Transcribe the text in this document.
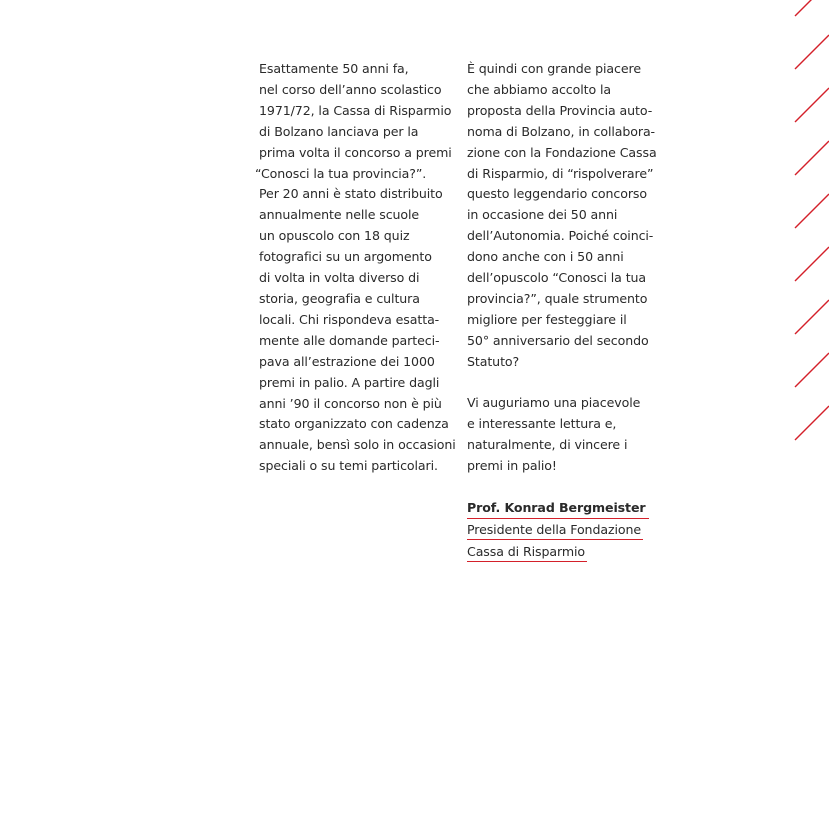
Esattamente 50 anni fa,
nel corso dell’anno scolastico
1971/72, la Cassa di Risparmio
di Bolzano lanciava per la
prima volta il concorso a premi
“Conosci la tua provincia?”.
Per 20 anni è stato distribuito
annualmente nelle scuole
un opuscolo con 18 quiz
fotografici su un argomento
di volta in volta diverso di
storia, geografia e cultura
locali. Chi rispondeva esatta-
mente alle domande parteci-
pava all’estrazione dei 1000
premi in palio. A partire dagli
anni ’90 il concorso non è più
stato organizzato con cadenza
annuale, bensì solo in occasioni
speciali o su temi particolari.
È quindi con grande piacere
che abbiamo accolto la
proposta della Provincia auto-
noma di Bolzano, in collabora-
zione con la Fondazione Cassa
di Risparmio, di “rispolverare”
questo leggendario concorso
in occasione dei 50 anni
dell’Autonomia. Poiché coinci-
dono anche con i 50 anni
dell’opuscolo “Conosci la tua
provincia?”, quale strumento
migliore per festeggiare il
50° anniversario del secondo
Statuto?
Vi auguriamo una piacevole
e interessante lettura e,
naturalmente, di vincere i
premi in palio!
Prof. Konrad Bergmeister
Presidente della Fondazione
Cassa di Risparmio
